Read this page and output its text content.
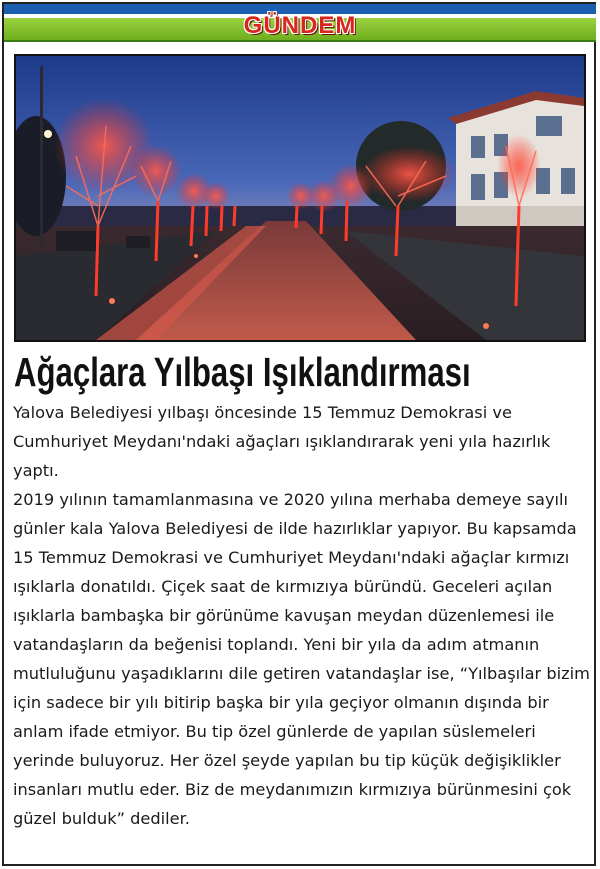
GÜNDEM
Ağaçlara Yılbaşı Işıklandırması

Yalova Belediyesi yılbaşı öncesinde 15 Temmuz Demokrasi ve Cumhuriyet Meydanı'ndaki ağaçları ışıklandırarak yeni yıla hazırlık yaptı.

2019 yılının tamamlanmasına ve 2020 yılına merhaba demeye sayılı günler kala Yalova Belediyesi de ilde hazırlıklar yapıyor. Bu kapsamda 15 Temmuz Demokrasi ve Cumhuriyet Meydanı'ndaki ağaçlar kırmızı ışıklarla donatıldı. Çiçek saat de kırmızıya büründü. Geceleri açılan ışıklarla bambaşka bir görünüme kavuşan meydan düzenlemesi ile vatandaşların da beğenisi toplandı. Yeni bir yıla da adım atmanın mutluluğunu yaşadıklarını dile getiren vatandaşlar ise, “Yılbaşılar bizim için sadece bir yılı bitirip başka bir yıla geçiyor olmanın dışında bir anlam ifade etmiyor. Bu tip özel günlerde de yapılan süslemeleri yerinde buluyoruz. Her özel şeyde yapılan bu tip küçük değişiklikler insanları mutlu eder. Biz de meydanımızın kırmızıya bürünmesini çok güzel bulduk” dediler.
